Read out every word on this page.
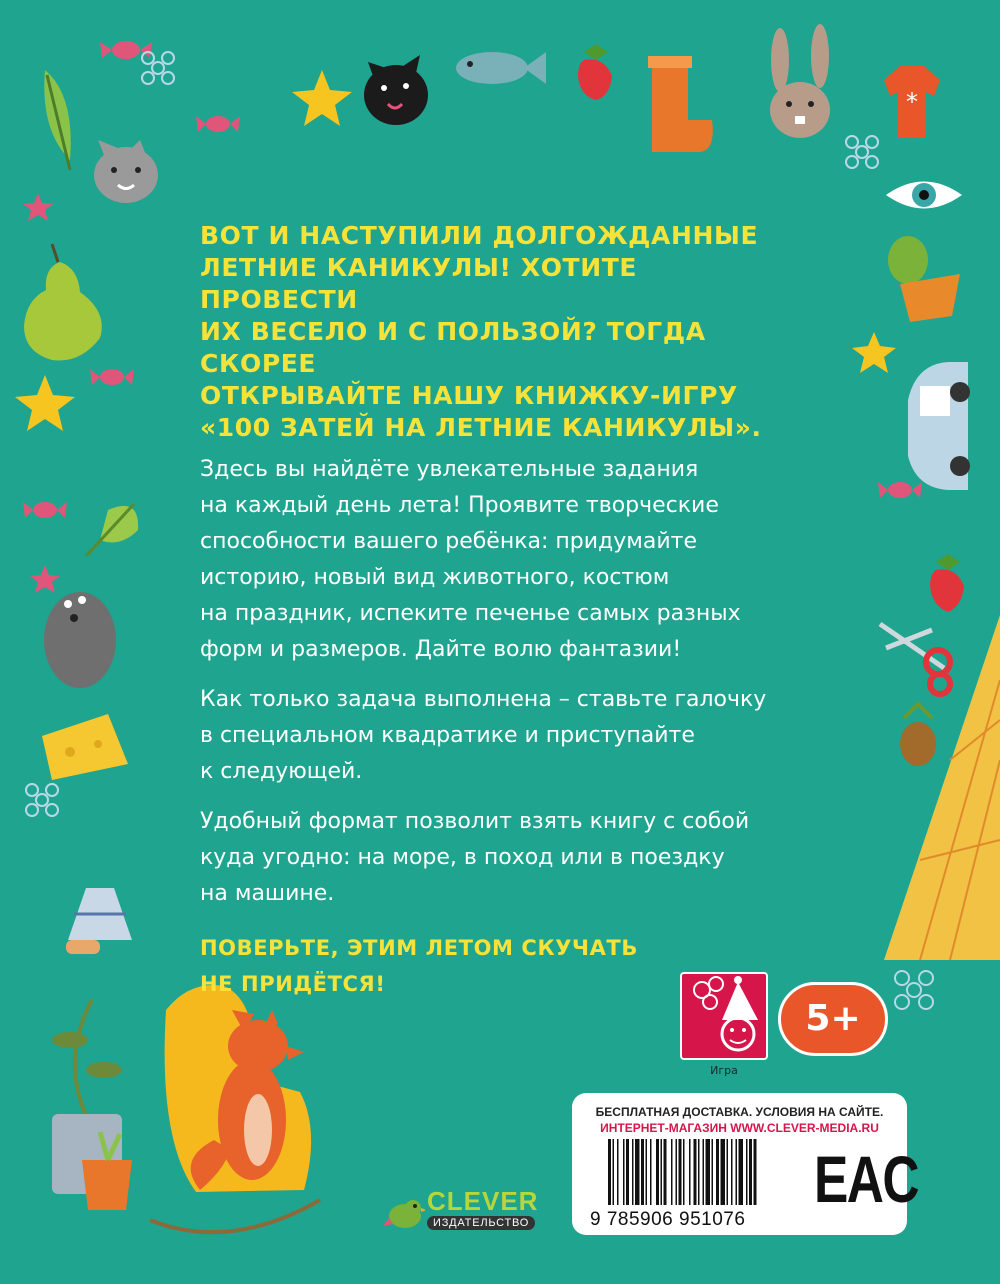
*
ВОТ И НАСТУПИЛИ ДОЛГОЖДАННЫЕ
ЛЕТНИЕ КАНИКУЛЫ! ХОТИТЕ ПРОВЕСТИ
ИХ ВЕСЕЛО И С ПОЛЬЗОЙ? ТОГДА СКОРЕЕ
ОТКРЫВАЙТЕ НАШУ КНИЖКУ-ИГРУ
«100 ЗАТЕЙ НА ЛЕТНИЕ КАНИКУЛЫ».
Здесь вы найдёте увлекательные задания
на каждый день лета! Проявите творческие
способности вашего ребёнка: придумайте
историю, новый вид животного, костюм
на праздник, испеките печенье самых разных
форм и размеров. Дайте волю фантазии!
Как только задача выполнена – ставьте галочку
в специальном квадратике и приступайте
к следующей.
Удобный формат позволит взять книгу с собой
куда угодно: на море, в поход или в поездку
на машине.
ПОВЕРЬТЕ, ЭТИМ ЛЕТОМ СКУЧАТЬ
НЕ ПРИДЁТСЯ!
Игра
5+
БЕСПЛАТНАЯ ДОСТАВКА. УСЛОВИЯ НА САЙТЕ.
ИНТЕРНЕТ-МАГАЗИН WWW.CLEVER-MEDIA.RU
9 785906 951076
EAC
CLEVER
ИЗДАТЕЛЬСТВО
